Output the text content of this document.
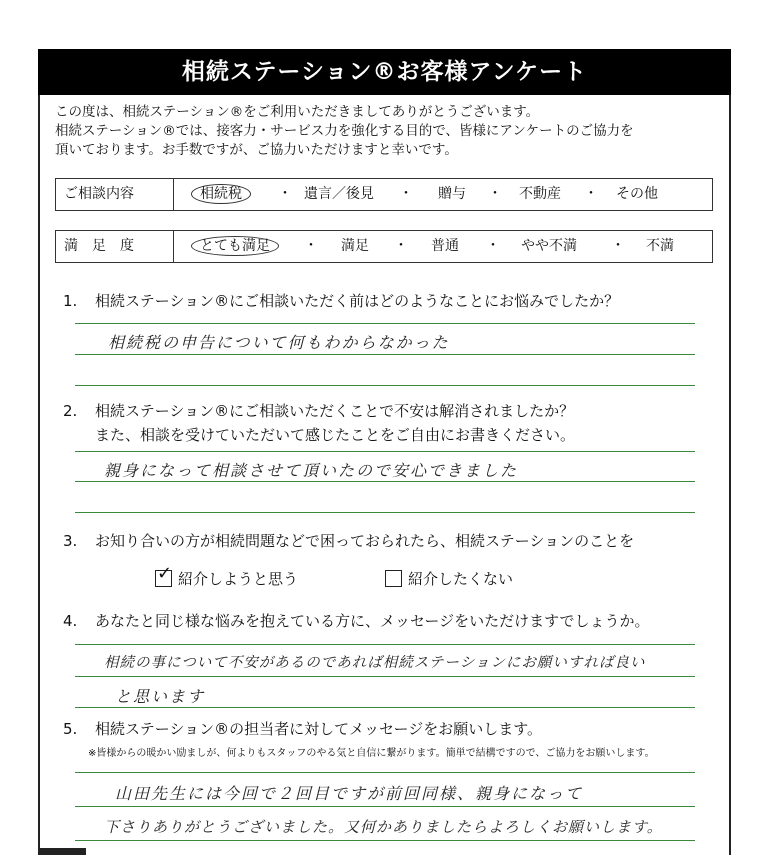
相続ステーション®お客様アンケート
この度は、相続ステーション®をご利用いただきましてありがとうございます。
相続ステーション®では、接客力・サービス力を強化する目的で、皆様にアンケートのご協力を
頂いております。お手数ですが、ご協力いただけますと幸いです。
ご相談内容	相続税	・ 遺言／後見 ・ 贈与 ・ 不動産 ・ その他
満　足　度	とても満足	・ 満足 ・ 普通 ・ やや不満 ・ 不満
1. 相続ステーション®にご相談いただく前はどのようなことにお悩みでしたか？
相続税の申告について何もわからなかった
2. 相続ステーション®にご相談いただくことで不安は解消されましたか？
また、相談を受けていただいて感じたことをご自由にお書きください。
親身になって相談させて頂いたので安心できました
3. お知り合いの方が相続問題などで困っておられたら、相続ステーションのことを
✓ 紹介しようと思う	紹介したくない
4. あなたと同じ様な悩みを抱えている方に、メッセージをいただけますでしょうか。
相続の事について不安があるのであれば相続ステーションにお願いすれば良い
と思います
5. 相続ステーション®の担当者に対してメッセージをお願いします。
※皆様からの暖かい励ましが、何よりもスタッフのやる気と自信に繋がります。簡単で結構ですので、ご協力をお願いします。
山田先生には今回で２回目ですが前回同様、親身になって
下さりありがとうございました。又何かありましたらよろしくお願いします。
